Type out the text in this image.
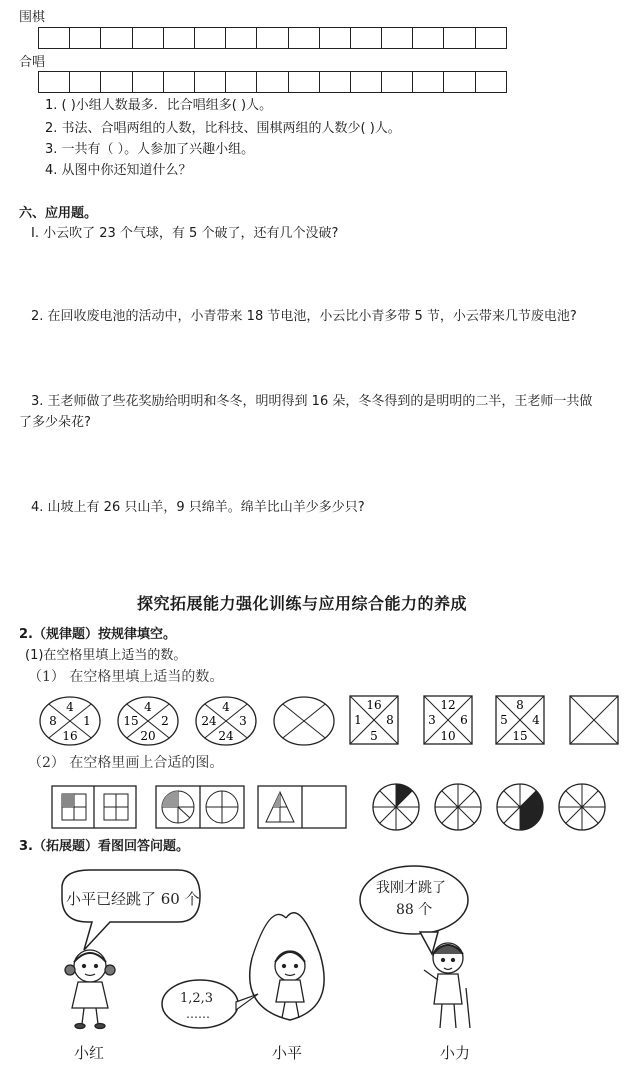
围棋
合唱
1. ( )小组人数最多．比合唱组多( )人。
2. 书法、合唱两组的人数，比科技、围棋两组的人数少( )人。
3. 一共有（ ）。人参加了兴趣小组。
4. 从图中你还知道什么？
六、应用题。
I. 小云吹了 23 个气球，有 5 个破了，还有几个没破?
2. 在回收废电池的活动中，小青带来 18 节电池，小云比小青多带 5 节，小云带来几节废电池?
3. 王老师做了些花奖励给明明和冬冬，明明得到 16 朵，冬冬得到的是明明的二半，王老师一共做
了多少朵花?
4. 山坡上有 26 只山羊，9 只绵羊。绵羊比山羊少多少只?
探究拓展能力强化训练与应用综合能力的养成
2.（规律题）按规律填空。
(1)在空格里填上适当的数。
（1） 在空格里填上适当的数。
4
8 1
16
4
15 2
20
4
24 3
24
16
1 8
5
12
3 6
10
8
5 4
15
（2） 在空格里画上合适的图。
3.（拓展题）看图回答问题。
小平已经跳了 60 个
我刚才跳了
88 个
1,2,3
……
小红	小平	小力
